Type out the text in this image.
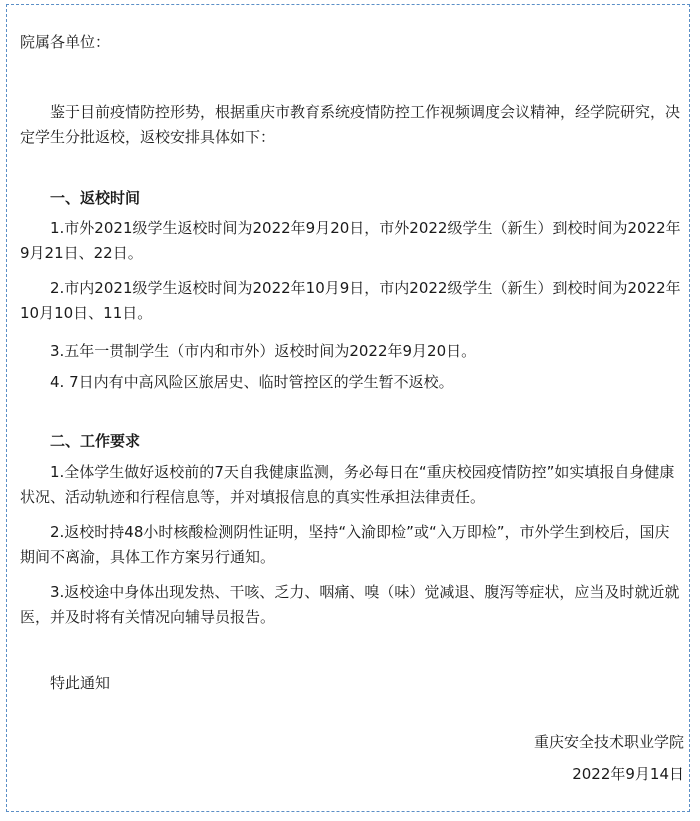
院属各单位：

鉴于目前疫情防控形势，根据重庆市教育系统疫情防控工作视频调度会议精神，经学院研究，决定学生分批返校，返校安排具体如下：

一、返校时间

1.市外2021级学生返校时间为2022年9月20日，市外2022级学生（新生）到校时间为2022年9月21日、22日。

2.市内2021级学生返校时间为2022年10月9日，市内2022级学生（新生）到校时间为2022年10月10日、11日。

3.五年一贯制学生（市内和市外）返校时间为2022年9月20日。

4. 7日内有中高风险区旅居史、临时管控区的学生暂不返校。

二、工作要求

1.全体学生做好返校前的7天自我健康监测，务必每日在“重庆校园疫情防控”如实填报自身健康状况、活动轨迹和行程信息等，并对填报信息的真实性承担法律责任。

2.返校时持48小时核酸检测阴性证明，坚持“入渝即检”或“入万即检”，市外学生到校后，国庆期间不离渝，具体工作方案另行通知。

3.返校途中身体出现发热、干咳、乏力、咽痛、嗅（味）觉减退、腹泻等症状，应当及时就近就医，并及时将有关情况向辅导员报告。

特此通知

重庆安全技术职业学院

2022年9月14日
